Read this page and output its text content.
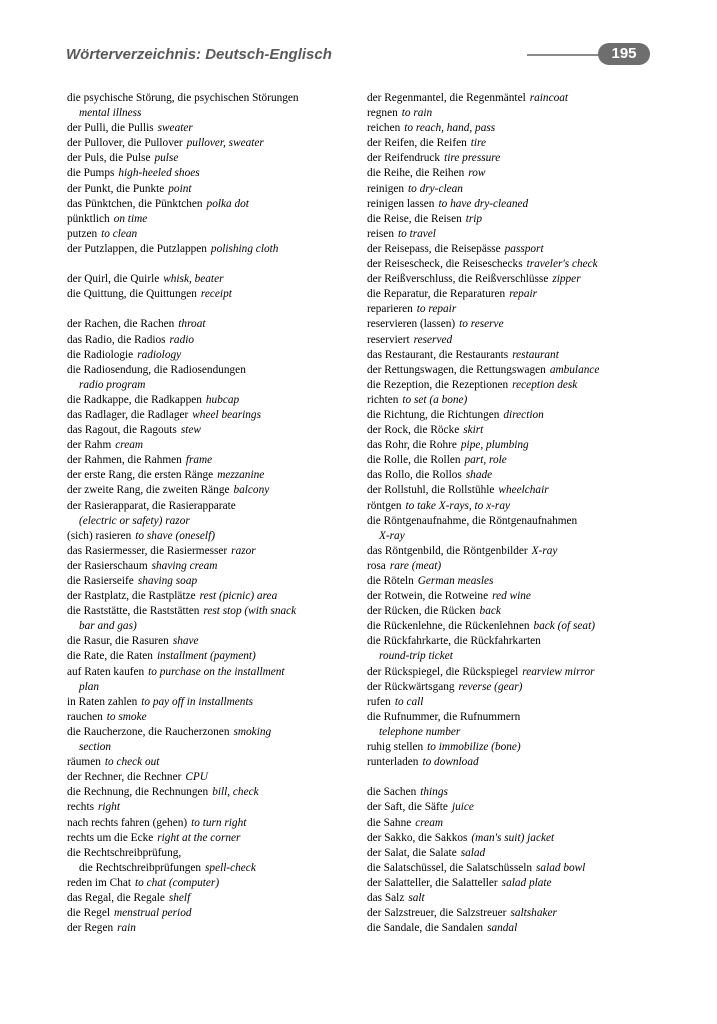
Wörterverzeichnis: Deutsch-Englisch	195
die psychische Störung, die psychischen Störungen
mental illness
der Pulli, die Pullis sweater
der Pullover, die Pullover pullover, sweater
der Puls, die Pulse pulse
die Pumps high-heeled shoes
der Punkt, die Punkte point
das Pünktchen, die Pünktchen polka dot
pünktlich on time
putzen to clean
der Putzlappen, die Putzlappen polishing cloth
der Quirl, die Quirle whisk, beater
die Quittung, die Quittungen receipt
der Rachen, die Rachen throat
das Radio, die Radios radio
die Radiologie radiology
die Radiosendung, die Radiosendungen
radio program
die Radkappe, die Radkappen hubcap
das Radlager, die Radlager wheel bearings
das Ragout, die Ragouts stew
der Rahm cream
der Rahmen, die Rahmen frame
der erste Rang, die ersten Ränge mezzanine
der zweite Rang, die zweiten Ränge balcony
der Rasierapparat, die Rasierapparate
(electric or safety) razor
(sich) rasieren to shave (oneself)
das Rasiermesser, die Rasiermesser razor
der Rasierschaum shaving cream
die Rasierseife shaving soap
der Rastplatz, die Rastplätze rest (picnic) area
die Raststätte, die Raststätten rest stop (with snack
bar and gas)
die Rasur, die Rasuren shave
die Rate, die Raten installment (payment)
auf Raten kaufen to purchase on the installment
plan
in Raten zahlen to pay off in installments
rauchen to smoke
die Raucherzone, die Raucherzonen smoking
section
räumen to check out
der Rechner, die Rechner CPU
die Rechnung, die Rechnungen bill, check
rechts right
nach rechts fahren (gehen) to turn right
rechts um die Ecke right at the corner
die Rechtschreibprüfung,
die Rechtschreibprüfungen spell-check
reden im Chat to chat (computer)
das Regal, die Regale shelf
die Regel menstrual period
der Regen rain
der Regenmantel, die Regenmäntel raincoat
regnen to rain
reichen to reach, hand, pass
der Reifen, die Reifen tire
der Reifendruck tire pressure
die Reihe, die Reihen row
reinigen to dry-clean
reinigen lassen to have dry-cleaned
die Reise, die Reisen trip
reisen to travel
der Reisepass, die Reisepässe passport
der Reisescheck, die Reiseschecks traveler's check
der Reißverschluss, die Reißverschlüsse zipper
die Reparatur, die Reparaturen repair
reparieren to repair
reservieren (lassen) to reserve
reserviert reserved
das Restaurant, die Restaurants restaurant
der Rettungswagen, die Rettungswagen ambulance
die Rezeption, die Rezeptionen reception desk
richten to set (a bone)
die Richtung, die Richtungen direction
der Rock, die Röcke skirt
das Rohr, die Rohre pipe, plumbing
die Rolle, die Rollen part, role
das Rollo, die Rollos shade
der Rollstuhl, die Rollstühle wheelchair
röntgen to take X-rays, to x-ray
die Röntgenaufnahme, die Röntgenaufnahmen
X-ray
das Röntgenbild, die Röntgenbilder X-ray
rosa rare (meat)
die Röteln German measles
der Rotwein, die Rotweine red wine
der Rücken, die Rücken back
die Rückenlehne, die Rückenlehnen back (of seat)
die Rückfahrkarte, die Rückfahrkarten
round-trip ticket
der Rückspiegel, die Rückspiegel rearview mirror
der Rückwärtsgang reverse (gear)
rufen to call
die Rufnummer, die Rufnummern
telephone number
ruhig stellen to immobilize (bone)
runterladen to download
die Sachen things
der Saft, die Säfte juice
die Sahne cream
der Sakko, die Sakkos (man's suit) jacket
der Salat, die Salate salad
die Salatschüssel, die Salatschüsseln salad bowl
der Salatteller, die Salatteller salad plate
das Salz salt
der Salzstreuer, die Salzstreuer saltshaker
die Sandale, die Sandalen sandal
